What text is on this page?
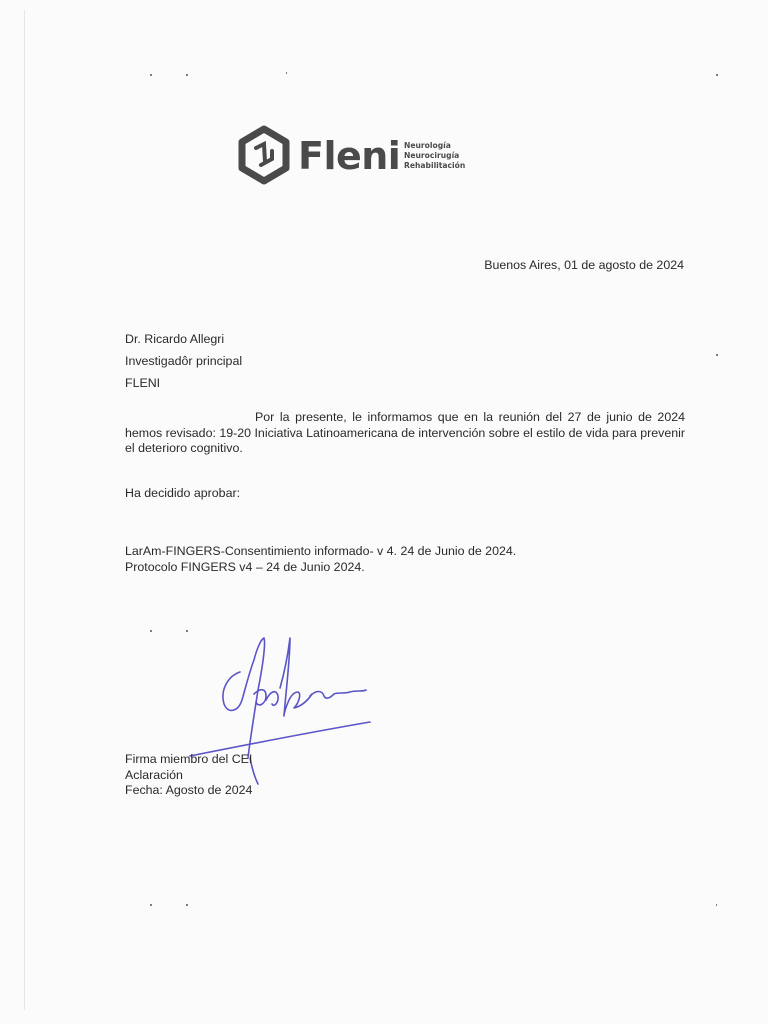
Fleni Neurología
Neurocirugía
Rehabilitación
Buenos Aires, 01 de agosto de 2024
Dr. Ricardo Allegri
Investigadôr principal
FLENI
Por la presente, le informamos que en la reunión del 27 de junio de 2024 hemos revisado: 19-20 Iniciativa Latinoamericana de intervención sobre el estilo de vida para prevenir el deterioro cognitivo.
Ha decidido aprobar:
LarAm-FINGERS-Consentimiento informado- v 4. 24 de Junio de 2024.
Protocolo FINGERS v4 – 24 de Junio 2024.
Firma miembro del CEI
Aclaración
Fecha: Agosto de 2024
